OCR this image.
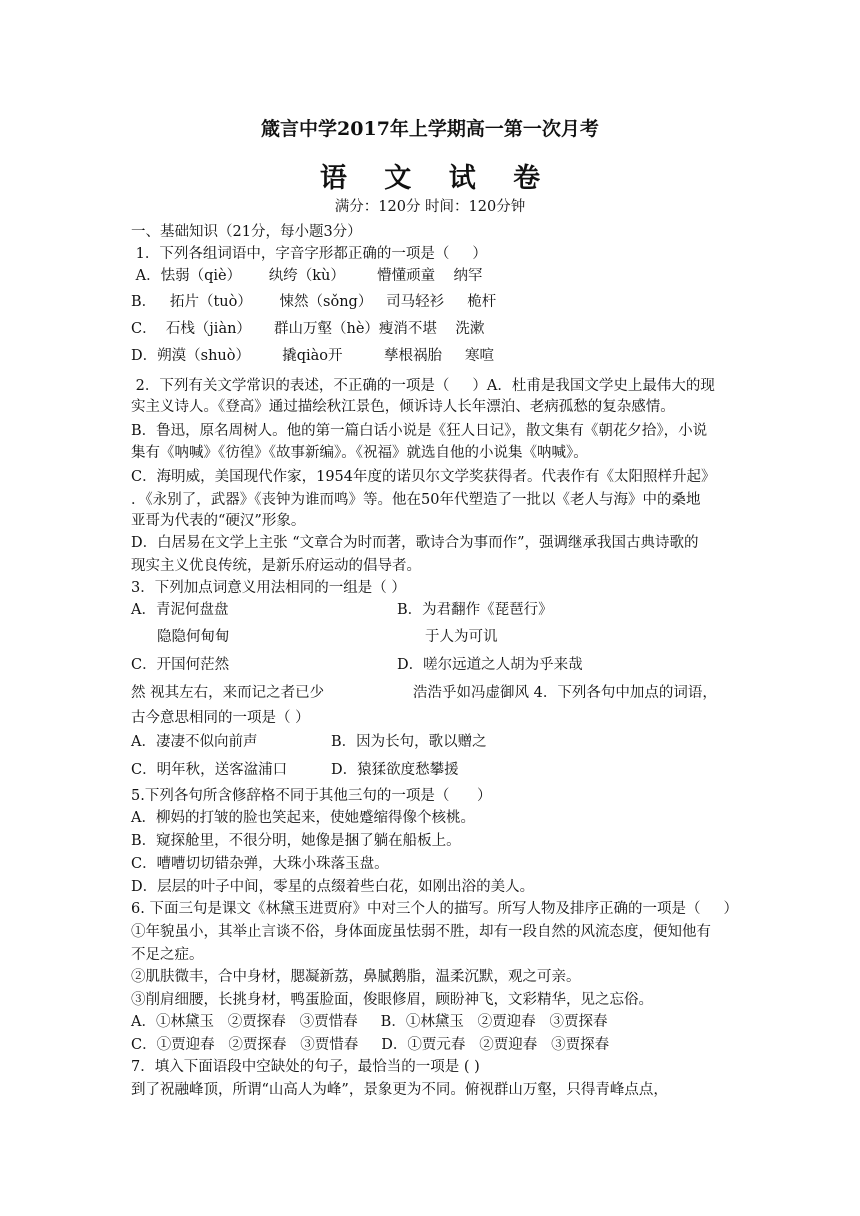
箴言中学2017年上学期高一第一次月考
语 文 试 卷
满分：120分 时间：120分钟
一、基础知识（21分，每小题3分）
1．下列各组词语中，字音字形都正确的一项是（     ）
A．怯弱（qiè）      纨绔（kù）       懵懂顽童    纳罕
B．   拓片（tuò）      悚然（sǒng）   司马轻衫     桅杆
C．  石栈（jiàn）     群山万壑（hè）瘦消不堪    洗漱
D．朔漠（shuò）       撬qiào开         孳根祸胎     寒喧
2．下列有关文学常识的表述，不正确的一项是（     ）A．杜甫是我国文学史上最伟大的现
实主义诗人。《登高》通过描绘秋江景色，倾诉诗人长年漂泊、老病孤愁的复杂感情。
B．鲁迅，原名周树人。他的第一篇白话小说是《狂人日记》，散文集有《朝花夕拾》，小说
集有《呐喊》《彷徨》《故事新编》。《祝福》就选自他的小说集《呐喊》。
C．海明威，美国现代作家，1954年度的诺贝尔文学奖获得者。代表作有《太阳照样升起》
．《永别了，武器》《丧钟为谁而鸣》等。他在50年代塑造了一批以《老人与海》中的桑地
亚哥为代表的“硬汉”形象。
D．白居易在文学上主张 “文章合为时而著，歌诗合为事而作”，强调继承我国古典诗歌的
现实主义优良传统，是新乐府运动的倡导者。
3．下列加点词意义用法相同的一组是（ ）
A．青泥何盘盘	B．为君翻作《琵琶行》
隐隐何甸甸	于人为可讥
C．开国何茫然	D．嗟尔远道之人胡为乎来哉
然 视其左右，来而记之者已少	浩浩乎如冯虚御风 4．下列各句中加点的词语，
古今意思相同的一项是（ ）
A．凄凄不似向前声	B．因为长句，歌以赠之
C．明年秋，送客湓浦口	D．猿猱欲度愁攀援
5.下列各句所含修辞格不同于其他三句的一项是（      ）
A．柳妈的打皱的脸也笑起来，使她蹙缩得像个核桃。
B．窥探舱里，不很分明，她像是捆了躺在船板上。
C．嘈嘈切切错杂弹，大珠小珠落玉盘。
D．层层的叶子中间，零星的点缀着些白花，如刚出浴的美人。
6. 下面三句是课文《林黛玉进贾府》中对三个人的描写。所写人物及排序正确的一项是（     ）
①年貌虽小，其举止言谈不俗，身体面庞虽怯弱不胜，却有一段自然的风流态度，便知他有
不足之症。
②肌肤微丰，合中身材，腮凝新荔，鼻腻鹅脂，温柔沉默，观之可亲。
③削肩细腰，长挑身材，鸭蛋脸面，俊眼修眉，顾盼神飞，文彩精华，见之忘俗。
A．①林黛玉   ②贾探春   ③贾惜春     B．①林黛玉   ②贾迎春   ③贾探春
C．①贾迎春   ②贾探春   ③贾惜春     D．①贾元春   ②贾迎春   ③贾探春
7．填入下面语段中空缺处的句子，最恰当的一项是 ( )
到了祝融峰顶，所谓“山高人为峰”，景象更为不同。俯视群山万壑，只得青峰点点，
